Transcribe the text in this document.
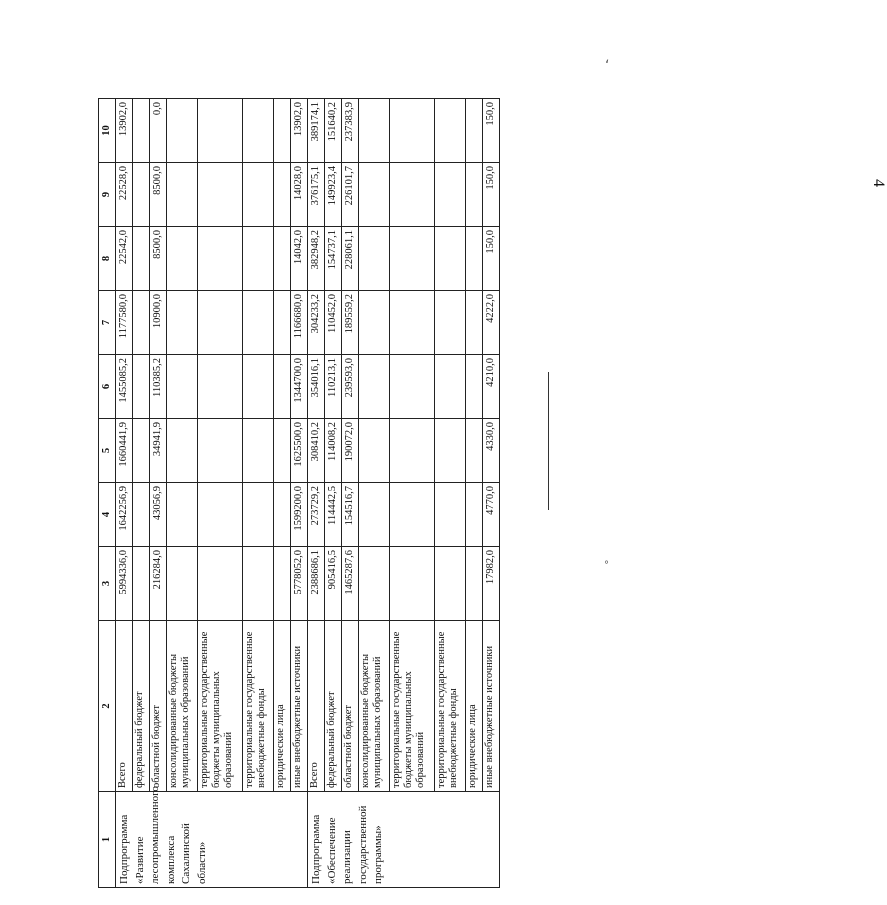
1	2	3	4	5	6	7	8	9	10	
Подпрограмма «Развитие лесопромышленного комплекса Сахалинской области»	Всего	5994336,0	1642256,9	1660441,9	1455085,2	1177580,0	22542,0	22528,0	13902,0	
	федеральный бюджет									
	областной бюджет	216284,0	43056,9	34941,9	110385,2	10900,0	8500,0	8500,0	0,0	
	консолидированные бюджеты муниципальных образований									
	территориальные государственные бюджеты муниципальных образований									
	территориальные государственные внебюджетные фонды									
	юридические лица									
	иные внебюджетные источники	5778052,0	1599200,0	1625500,0	1344700,0	1166680,0	14042,0	14028,0	13902,0	
Подпрограмма «Обеспечение реализации государственной программы»	Всего	2388686,1	273729,2	308410,2	354016,1	304233,2	382948,2	376175,1	389174,1	
	федеральный бюджет	905416,5	114442,5	114008,2	110213,1	110452,0	154737,1	149923,4	151640,2	
	областной бюджет	1465287,6	154516,7	190072,0	239593,0	189559,2	228061,1	226101,7	237383,9	
	консолидированные бюджеты муниципальных образований									
	территориальные государственные бюджеты муниципальных образований									
	территориальные государственные внебюджетные фонды									
	юридические лица									
	иные внебюджетные источники	17982,0	4770,0	4330,0	4210,0	4222,0	150,0	150,0	150,0	
4
‘
°
